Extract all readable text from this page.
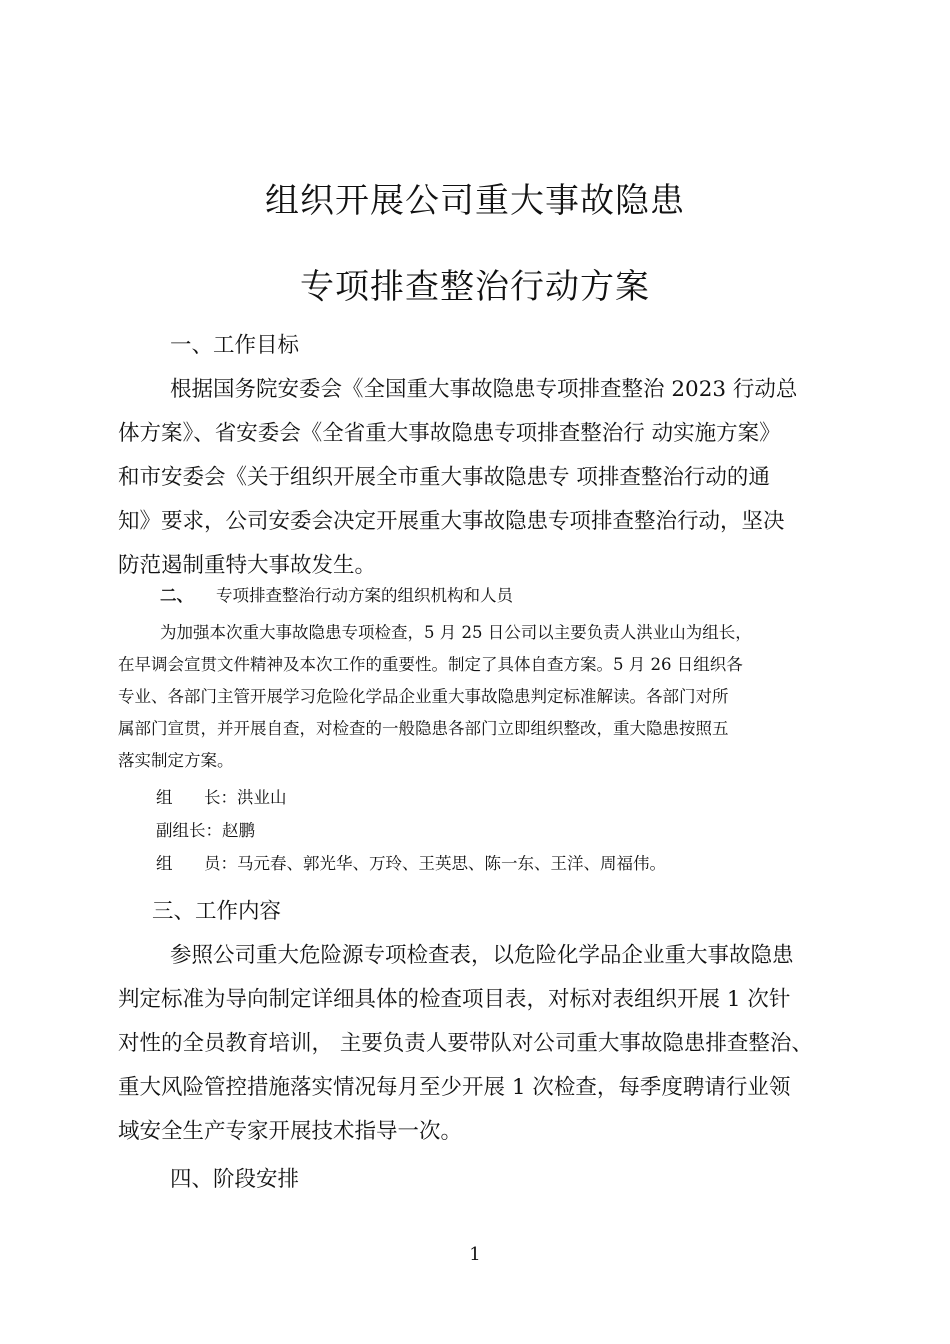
组织开展公司重大事故隐患
专项排查整治行动方案
一、工作目标
根据国务院安委会《全国重大事故隐患专项排查整治 2023 行动总
体方案》、省安委会《全省重大事故隐患专项排查整治行 动实施方案》
和市安委会《关于组织开展全市重大事故隐患专 项排查整治行动的通
知》要求，公司安委会决定开展重大事故隐患专项排查整治行动，坚决
防范遏制重特大事故发生。
二、 专项排查整治行动方案的组织机构和人员
为加强本次重大事故隐患专项检查，5 月 25 日公司以主要负责人洪业山为组长，
在早调会宣贯文件精神及本次工作的重要性。制定了具体自查方案。5 月 26 日组织各
专业、各部门主管开展学习危险化学品企业重大事故隐患判定标准解读。各部门对所
属部门宣贯，并开展自查，对检查的一般隐患各部门立即组织整改，重大隐患按照五
落实制定方案。
组      长：洪业山
副组长：赵鹏
组      员：马元春、郭光华、万玲、王英思、陈一东、王洋、周福伟。
三、工作内容
参照公司重大危险源专项检查表，以危险化学品企业重大事故隐患
判定标准为导向制定详细具体的检查项目表，对标对表组织开展 1 次针
对性的全员教育培训， 主要负责人要带队对公司重大事故隐患排查整治、
重大风险管控措施落实情况每月至少开展 1 次检查，每季度聘请行业领
域安全生产专家开展技术指导一次。
四、阶段安排
1
